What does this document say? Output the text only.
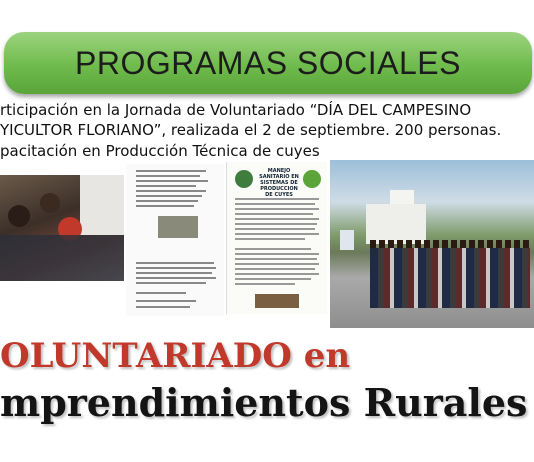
PROGRAMAS SOCIALES
rticipación en la Jornada de Voluntariado “DÍA DEL CAMPESINO
YICULTOR FLORIANO”, realizada el 2 de septiembre. 200 personas.
pacitación en Producción Técnica de cuyes
MANEJO SANITARIO EN SISTEMAS DE PRODUCCION DE CUYES
OLUNTARIADO en
mprendimientos Rurales
